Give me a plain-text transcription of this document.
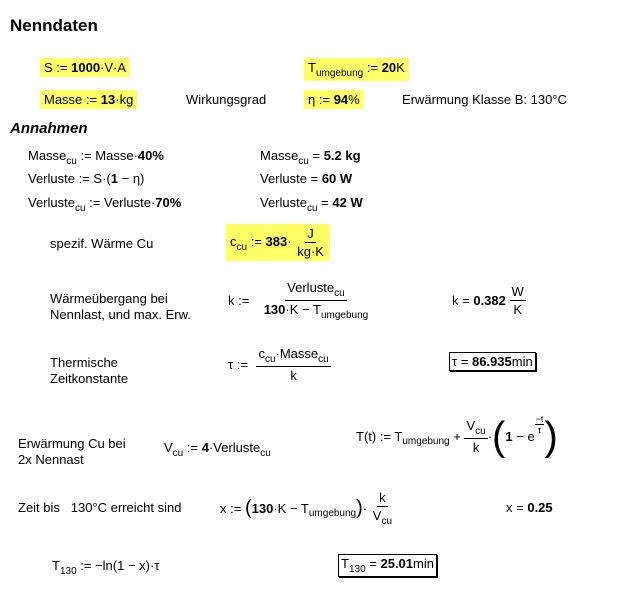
Nenndaten
S := 1000·V·A	$T_{umgebung}$ := 20K
Masse := 13·kg	Wirkungsgrad	η := 94%	Erwärmung Klasse B: 130°C
Annahmen
Masse$_{cu}$ := Masse·40%	Masse$_{cu}$ = 5.2 kg
Verluste := S·(1 − η)	Verluste = 60 W
Verluste$_{cu}$ := Verluste·70%	Verluste$_{cu}$ = 42 W
spezif. Wärme Cu	$c_{cu}$ := $383\cdot \frac{J}{kg\cdot K}$
Wärmeübergang bei
Nennlast, und max. Erw.
k := $\frac{Verluste_{cu}}{130\cdot K - T_{umgebung}}$	$k = 0.382 \frac{W}{K}$
Thermische
Zeitkonstante
τ := $\frac{c_{cu}\cdot Masse_{cu}}{k}$	τ = 86.935min
Erwärmung Cu bei
2x Nennast
$V_{cu}$ := 4·Verluste$_{cu}$
T(t) := $T_{umgebung} + \frac{V_{cu}}{k} \cdot(1 - e$
$\frac{-t}{\tau}$ )
Zeit bis   130°C erreicht sind	x := $(130\cdot K - T_{umgebung})\cdot \frac{k}{V_{cu}}$	x = 0.25
$T_{130}$ := −ln(1 − x)·τ	$T_{130} = 25.01\min$
